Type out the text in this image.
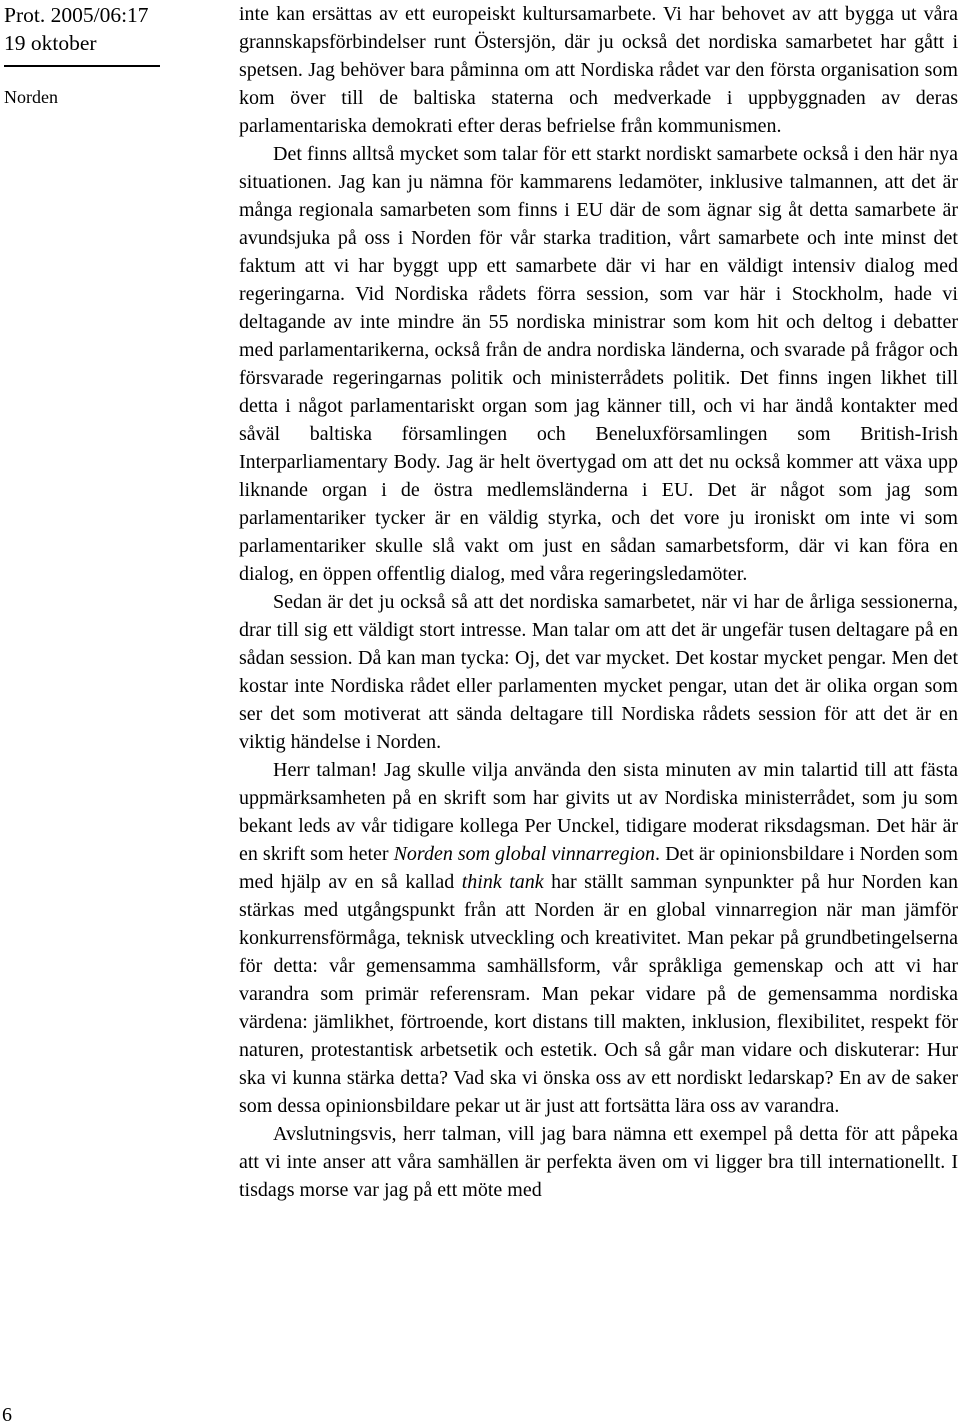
Prot. 2005/06:17
19 oktober
Norden
6

inte kan ersättas av ett europeiskt kultursamarbete. Vi har behovet av att bygga ut våra grannskapsförbindelser runt Östersjön, där ju också det nordiska samarbetet har gått i spetsen. Jag behöver bara påminna om att Nordiska rådet var den första organisation som kom över till de baltiska staterna och medverkade i uppbyggnaden av deras parlamentariska demokrati efter deras befrielse från kommunismen.

Det finns alltså mycket som talar för ett starkt nordiskt samarbete också i den här nya situationen. Jag kan ju nämna för kammarens ledamöter, inklusive talmannen, att det är många regionala samarbeten som finns i EU där de som ägnar sig åt detta samarbete är avundsjuka på oss i Norden för vår starka tradition, vårt samarbete och inte minst det faktum att vi har byggt upp ett samarbete där vi har en väldigt intensiv dialog med regeringarna. Vid Nordiska rådets förra session, som var här i Stockholm, hade vi deltagande av inte mindre än 55 nordiska ministrar som kom hit och deltog i debatter med parlamentarikerna, också från de andra nordiska länderna, och svarade på frågor och försvarade regeringarnas politik och ministerrådets politik. Det finns ingen likhet till detta i något parlamentariskt organ som jag känner till, och vi har ändå kontakter med såväl baltiska församlingen och Beneluxförsamlingen som British-Irish Interparliamentary Body. Jag är helt övertygad om att det nu också kommer att växa upp liknande organ i de östra medlemsländerna i EU. Det är något som jag som parlamentariker tycker är en väldig styrka, och det vore ju ironiskt om inte vi som parlamentariker skulle slå vakt om just en sådan samarbetsform, där vi kan föra en dialog, en öppen offentlig dialog, med våra regeringsledamöter.

Sedan är det ju också så att det nordiska samarbetet, när vi har de årliga sessionerna, drar till sig ett väldigt stort intresse. Man talar om att det är ungefär tusen deltagare på en sådan session. Då kan man tycka: Oj, det var mycket. Det kostar mycket pengar. Men det kostar inte Nordiska rådet eller parlamenten mycket pengar, utan det är olika organ som ser det som motiverat att sända deltagare till Nordiska rådets session för att det är en viktig händelse i Norden.

Herr talman! Jag skulle vilja använda den sista minuten av min talartid till att fästa uppmärksamheten på en skrift som har givits ut av Nordiska ministerrådet, som ju som bekant leds av vår tidigare kollega Per Unckel, tidigare moderat riksdagsman. Det här är en skrift som heter Norden som global vinnarregion. Det är opinionsbildare i Norden som med hjälp av en så kallad think tank har ställt samman synpunkter på hur Norden kan stärkas med utgångspunkt från att Norden är en global vinnarregion när man jämför konkurrensförmåga, teknisk utveckling och kreativitet. Man pekar på grundbetingelserna för detta: vår gemensamma samhällsform, vår språkliga gemenskap och att vi har varandra som primär referensram. Man pekar vidare på de gemensamma nordiska värdena: jämlikhet, förtroende, kort distans till makten, inklusion, flexibilitet, respekt för naturen, protestantisk arbetsetik och estetik. Och så går man vidare och diskuterar: Hur ska vi kunna stärka detta? Vad ska vi önska oss av ett nordiskt ledarskap? En av de saker som dessa opinionsbildare pekar ut är just att fortsätta lära oss av varandra.

Avslutningsvis, herr talman, vill jag bara nämna ett exempel på detta för att påpeka att vi inte anser att våra samhällen är perfekta även om vi ligger bra till internationellt. I tisdags morse var jag på ett möte med
